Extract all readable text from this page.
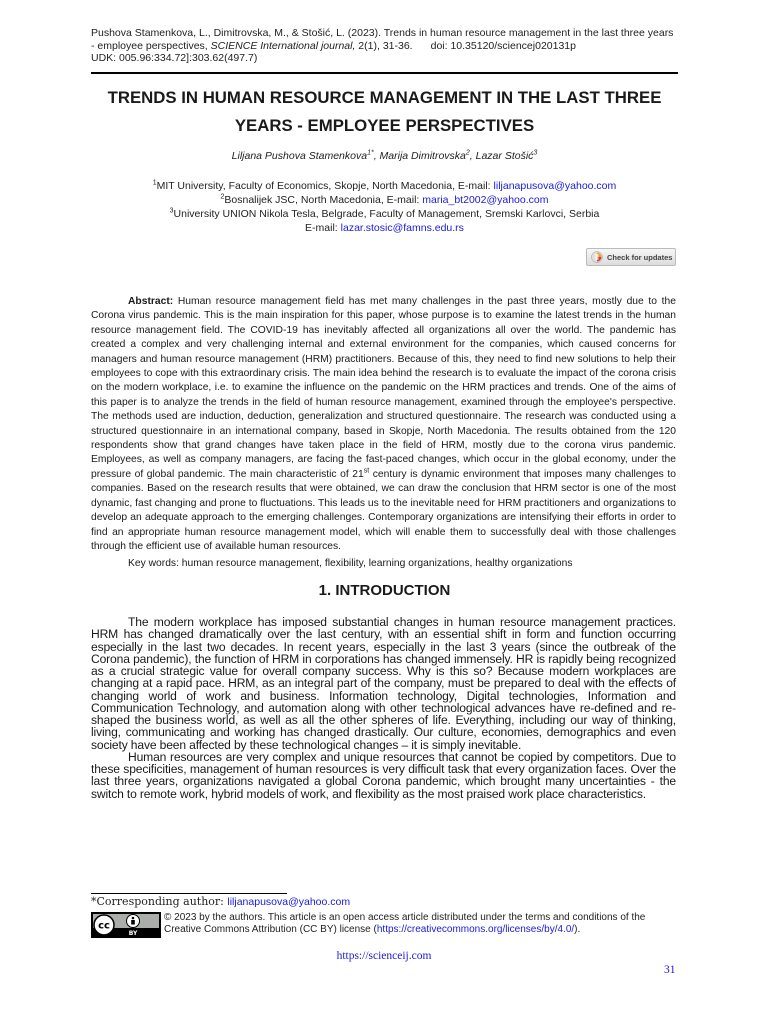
Pushova Stamenkova, L., Dimitrovska, M., & Stošić, L. (2023). Trends in human resource management in the last three years
- employee perspectives, SCIENCE International journal, 2(1), 31-36. doi: 10.35120/sciencej020131p
UDK: 005.96:334.72]:303.62(497.7)
TRENDS IN HUMAN RESOURCE MANAGEMENT IN THE LAST THREE
YEARS - EMPLOYEE PERSPECTIVES
Liljana Pushova Stamenkova$^{1*}$, Marija Dimitrovska$^2$, Lazar Stošić$^3$
$^1$MIT University, Faculty of Economics, Skopje, North Macedonia, E-mail: liljanapusova@yahoo.com
$^2$Bosnalijek JSC, North Macedonia, E-mail: maria_bt2002@yahoo.com
$^3$University UNION Nikola Tesla, Belgrade, Faculty of Management, Sremski Karlovci, Serbia
E-mail: lazar.stosic@famns.edu.rs
Check for updates

Abstract: Human resource management field has met many challenges in the past three years, mostly due to the Corona virus pandemic. This is the main inspiration for this paper, whose purpose is to examine the latest trends in the human resource management field. The COVID-19 has inevitably affected all organizations all over the world. The pandemic has created a complex and very challenging internal and external environment for the companies, which caused concerns for managers and human resource management (HRM) practitioners. Because of this, they need to find new solutions to help their employees to cope with this extraordinary crisis. The main idea behind the research is to evaluate the impact of the corona crisis on the modern workplace, i.e. to examine the influence on the pandemic on the HRM practices and trends. One of the aims of this paper is to analyze the trends in the field of human resource management, examined through the employee's perspective. The methods used are induction, deduction, generalization and structured questionnaire. The research was conducted using a structured questionnaire in an international company, based in Skopje, North Macedonia. The results obtained from the 120 respondents show that grand changes have taken place in the field of HRM, mostly due to the corona virus pandemic. Employees, as well as company managers, are facing the fast-paced changes, which occur in the global economy, under the pressure of global pandemic. The main characteristic of 21st century is dynamic environment that imposes many challenges to companies. Based on the research results that were obtained, we can draw the conclusion that HRM sector is one of the most dynamic, fast changing and prone to fluctuations. This leads us to the inevitable need for HRM practitioners and organizations to develop an adequate approach to the emerging challenges. Contemporary organizations are intensifying their efforts in order to find an appropriate human resource management model, which will enable them to successfully deal with those challenges through the efficient use of available human resources.

Key words: human resource management, flexibility, learning organizations, healthy organizations
1. INTRODUCTION

The modern workplace has imposed substantial changes in human resource management practices. HRM has changed dramatically over the last century, with an essential shift in form and function occurring especially in the last two decades. In recent years, especially in the last 3 years (since the outbreak of the Corona pandemic), the function of HRM in corporations has changed immensely. HR is rapidly being recognized as a crucial strategic value for overall company success. Why is this so? Because modern workplaces are changing at a rapid pace. HRM, as an integral part of the company, must be prepared to deal with the effects of changing world of work and business. Information technology, Digital technologies, Information and Communication Technology, and automation along with other technological advances have re-defined and re-shaped the business world, as well as all the other spheres of life. Everything, including our way of thinking, living, communicating and working has changed drastically. Our culture, economies, demographics and even society have been affected by these technological changes – it is simply inevitable.

Human resources are very complex and unique resources that cannot be copied by competitors. Due to these specificities, management of human resources is very difficult task that every organization faces. Over the last three years, organizations navigated a global Corona pandemic, which brought many uncertainties - the switch to remote work, hybrid models of work, and flexibility as the most praised work place characteristics.

*Corresponding author: liljanapusova@yahoo.com
cc
BY
© 2023 by the authors. This article is an open access article distributed under the terms and conditions of the Creative Commons Attribution (CC BY) license (https://creativecommons.org/licenses/by/4.0/).
https://scienceij.com
31
